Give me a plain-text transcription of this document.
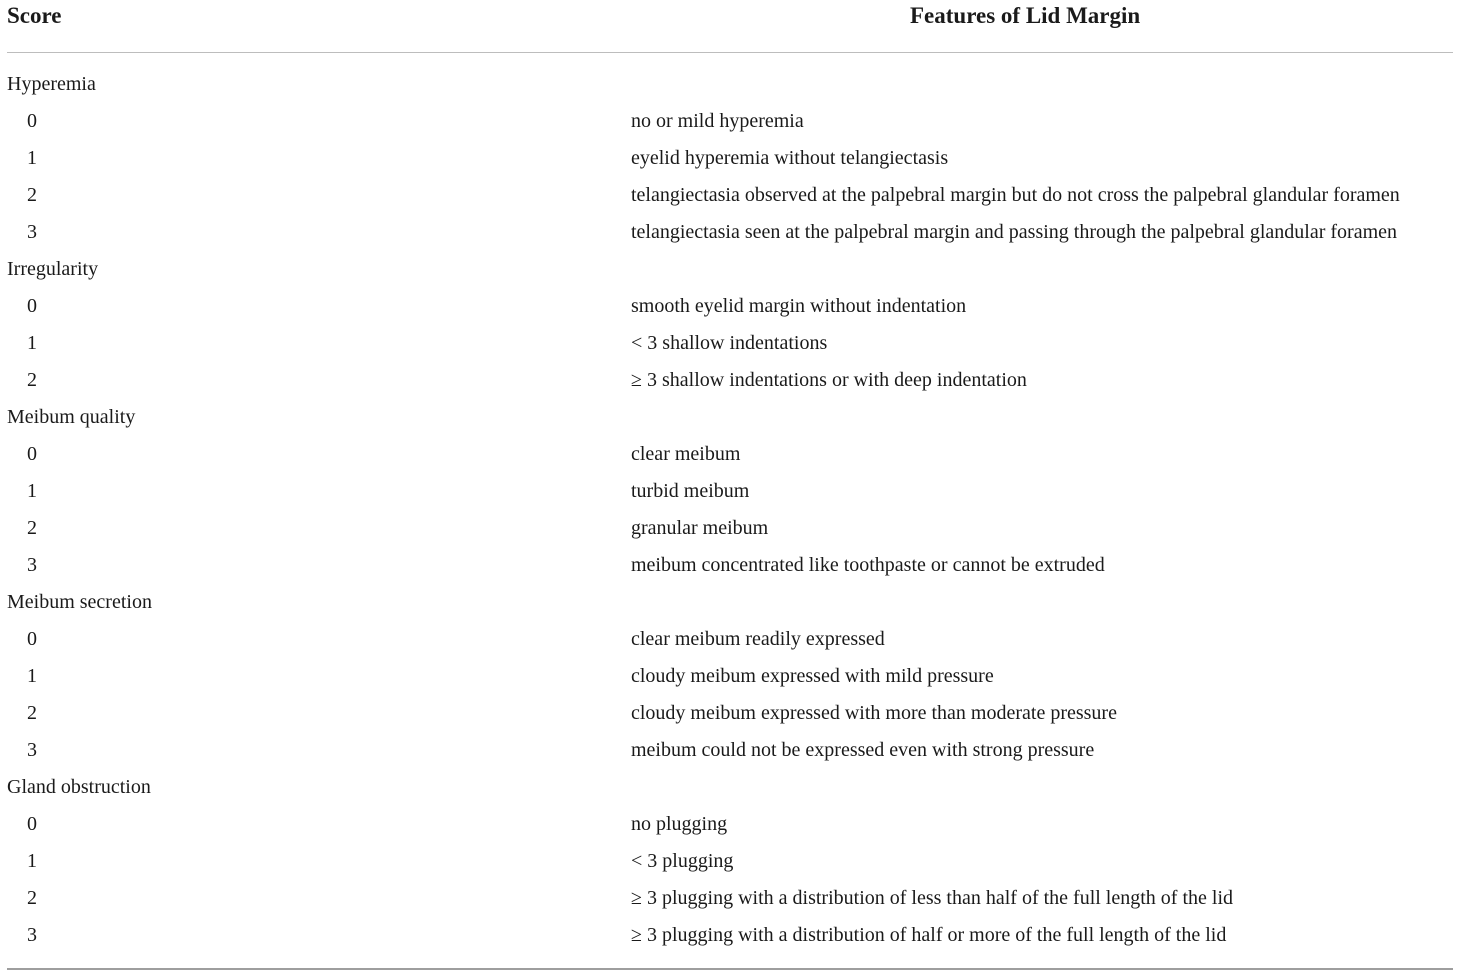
Score	Features of Lid Margin
Hyperemia
0	no or mild hyperemia
1	eyelid hyperemia without telangiectasis
2	telangiectasia observed at the palpebral margin but do not cross the palpebral glandular foramen
3	telangiectasia seen at the palpebral margin and passing through the palpebral glandular foramen
Irregularity
0	smooth eyelid margin without indentation
1	< 3 shallow indentations
2	≥ 3 shallow indentations or with deep indentation
Meibum quality
0	clear meibum
1	turbid meibum
2	granular meibum
3	meibum concentrated like toothpaste or cannot be extruded
Meibum secretion
0	clear meibum readily expressed
1	cloudy meibum expressed with mild pressure
2	cloudy meibum expressed with more than moderate pressure
3	meibum could not be expressed even with strong pressure
Gland obstruction
0	no plugging
1	< 3 plugging
2	≥ 3 plugging with a distribution of less than half of the full length of the lid
3	≥ 3 plugging with a distribution of half or more of the full length of the lid
